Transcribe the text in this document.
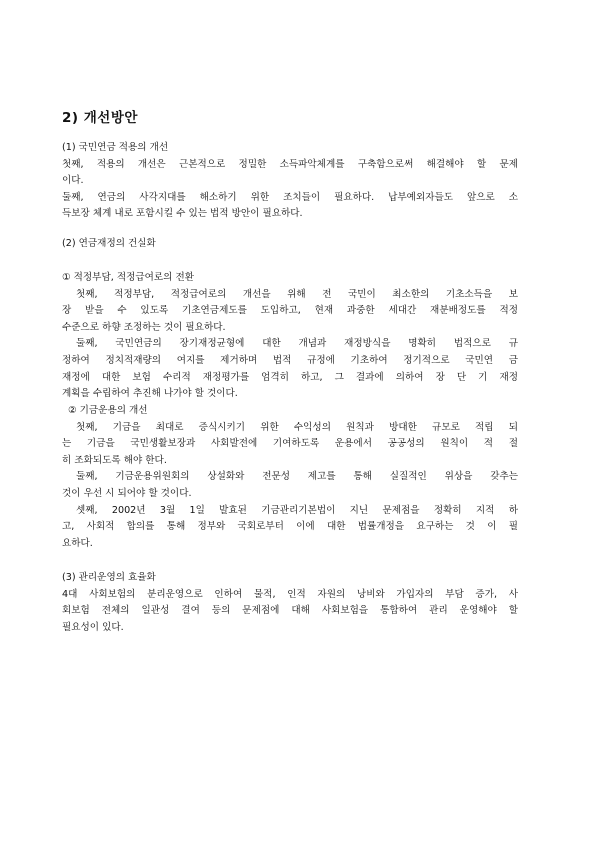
2) 개선방안
(1) 국민연금 적용의 개선
첫째, 적용의 개선은 근본적으로 정밀한 소득파악체계를 구축함으로써 해결해야 할 문제
이다.
둘째, 연금의 사각지대를 해소하기 위한 조치들이 필요하다. 납부예외자들도 앞으로 소
득보장 체계 내로 포함시킬 수 있는 법적 방안이 필요하다.
(2) 연금재정의 건실화
① 적정부담, 적정급여로의 전환
첫째, 적정부담, 적정급여로의 개선을 위해 전 국민이 최소한의 기초소득을 보
장 받을 수 있도록 기초연금제도를 도입하고, 현재 과중한 세대간 재분배정도를 적정
수준으로 하향 조정하는 것이 필요하다.
둘째, 국민연금의 장기재정균형에 대한 개념과 재정방식을 명확히 법적으로 규
정하여 정치적재량의 여지를 제거하며 법적 규정에 기초하여 정기적으로 국민연 금
재정에 대한 보험 수리적 재정평가를 엄격히 하고, 그 결과에 의하여 장 단 기 재정
계획을 수립하여 추진해 나가야 할 것이다.
② 기금운용의 개선
첫째, 기금을 최대로 증식시키기 위한 수익성의 원칙과 방대한 규모로 적립 되
는 기금을 국민생활보장과 사회발전에 기여하도록 운용에서 공공성의 원칙이 적 절
히 조화되도록 해야 한다.
둘째, 기금운용위원회의 상설화와 전문성 제고를 통해 실질적인 위상을 갖추는
것이 우선 시 되어야 할 것이다.
셋째, 2002년 3월 1일 발효된 기금관리기본법이 지닌 문제점을 정확히 지적 하
고, 사회적 합의를 통해 정부와 국회로부터 이에 대한 법률개정을 요구하는 것 이 필
요하다.
(3) 관리운영의 효율화
4대 사회보험의 분리운영으로 인하여 물적, 인적 자원의 낭비와 가입자의 부담 증가, 사
회보험 전체의 일관성 결여 등의 문제점에 대해 사회보험을 통합하여 관리 운영해야 할
필요성이 있다.
